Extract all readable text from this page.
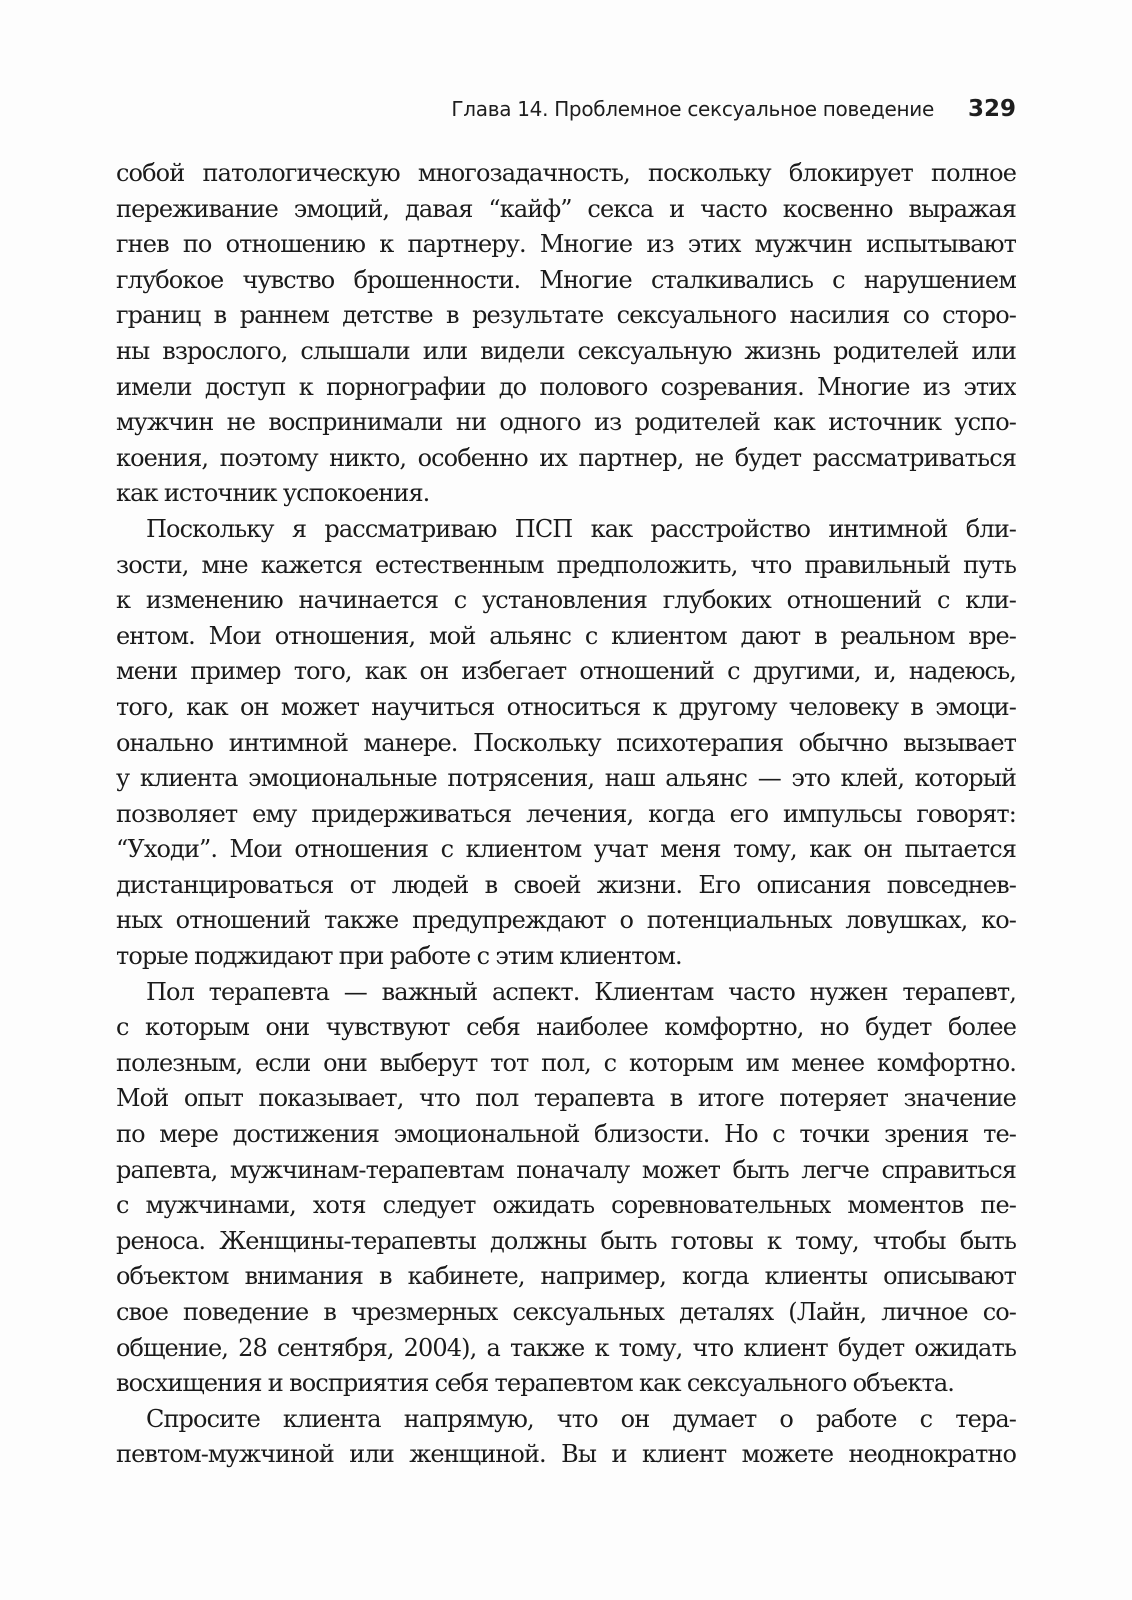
Глава 14. Проблемное сексуальное поведение 329
собой патологическую многозадачность, поскольку блокирует полное
переживание эмоций, давая “кайф” секса и часто косвенно выражая
гнев по отношению к партнеру. Многие из этих мужчин испытывают
глубокое чувство брошенности. Многие сталкивались с нарушением
границ в раннем детстве в результате сексуального насилия со сторо-
ны взрослого, слышали или видели сексуальную жизнь родителей или
имели доступ к порнографии до полового созревания. Многие из этих
мужчин не воспринимали ни одного из родителей как источник успо-
коения, поэтому никто, особенно их партнер, не будет рассматриваться
как источник успокоения.
Поскольку я рассматриваю ПСП как расстройство интимной бли-
зости, мне кажется естественным предположить, что правильный путь
к изменению начинается с установления глубоких отношений с кли-
ентом. Мои отношения, мой альянс с клиентом дают в реальном вре-
мени пример того, как он избегает отношений с другими, и, надеюсь,
того, как он может научиться относиться к другому человеку в эмоци-
онально интимной манере. Поскольку психотерапия обычно вызывает
у клиента эмоциональные потрясения, наш альянс — это клей, который
позволяет ему придерживаться лечения, когда его импульсы говорят:
“Уходи”. Мои отношения с клиентом учат меня тому, как он пытается
дистанцироваться от людей в своей жизни. Его описания повседнев-
ных отношений также предупреждают о потенциальных ловушках, ко-
торые поджидают при работе с этим клиентом.
Пол терапевта — важный аспект. Клиентам часто нужен терапевт,
с которым они чувствуют себя наиболее комфортно, но будет более
полезным, если они выберут тот пол, с которым им менее комфортно.
Мой опыт показывает, что пол терапевта в итоге потеряет значение
по мере достижения эмоциональной близости. Но с точки зрения те-
рапевта, мужчинам-терапевтам поначалу может быть легче справиться
с мужчинами, хотя следует ожидать соревновательных моментов пе-
реноса. Женщины-терапевты должны быть готовы к тому, чтобы быть
объектом внимания в кабинете, например, когда клиенты описывают
свое поведение в чрезмерных сексуальных деталях (Лайн, личное со-
общение, 28 сентября, 2004), а также к тому, что клиент будет ожидать
восхищения и восприятия себя терапевтом как сексуального объекта.
Спросите клиента напрямую, что он думает о работе с тера-
певтом-мужчиной или женщиной. Вы и клиент можете неоднократно
